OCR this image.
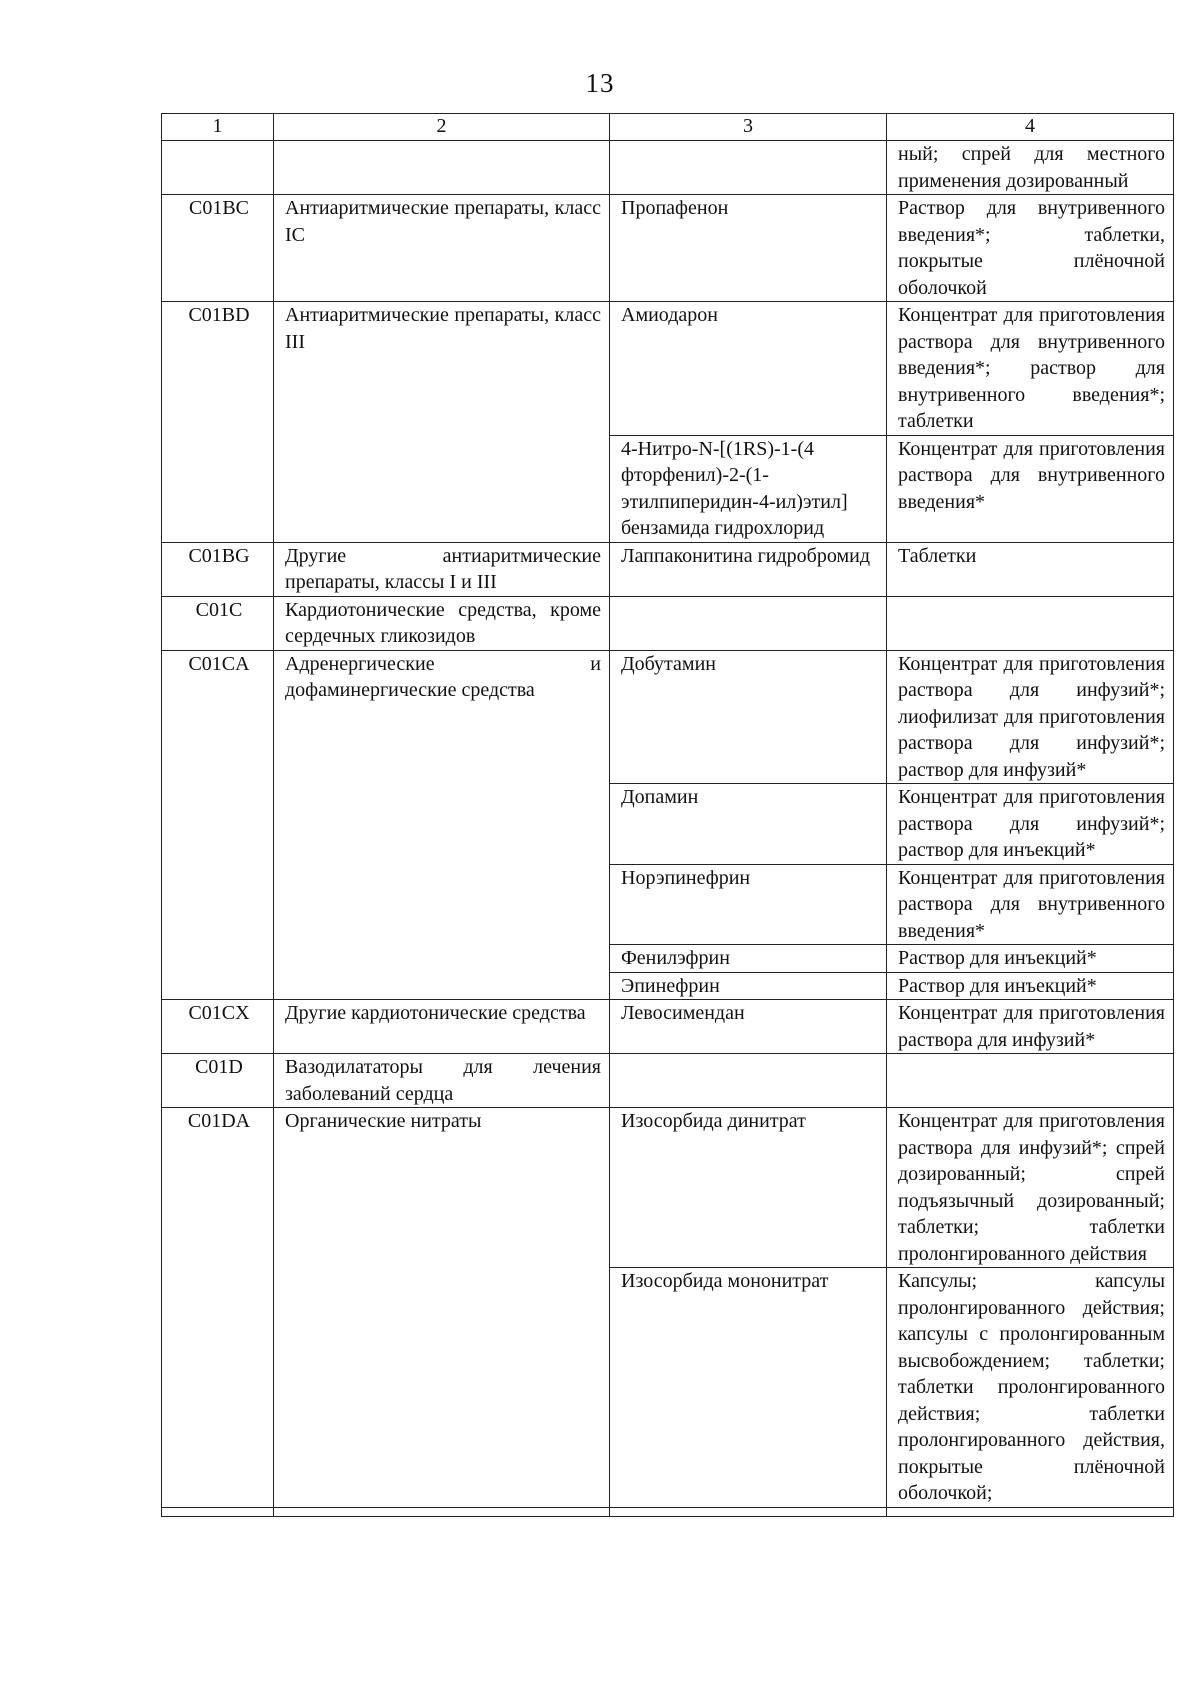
13
1	2	3	4
			ный; спрей для местного применения дозированный
C01BC	Антиаритмические препараты, класс IC	Пропафенон	Раствор для внутривенного введения*; таблетки, покрытые плёночной оболочкой
C01BD	Антиаритмические препараты, класс III	Амиодарон	Концентрат для приготовления раствора для внутривенного введения*; раствор для внутривенного введения*; таблетки
		4-Нитро-N-[(1RS)-1-(4 фторфенил)-2-(1-этилпиперидин-4-ил)этил] бензамида гидрохлорид	Концентрат для приготовления раствора для внутривенного введения*
C01BG	Другие антиаритмические препараты, классы I и III	Лаппаконитина гидробромид	Таблетки
C01C	Кардиотонические средства, кроме сердечных гликозидов		
C01CA	Адренергические и дофаминергические средства	Добутамин	Концентрат для приготовления раствора для инфузий*; лиофилизат для приготовления раствора для инфузий*; раствор для инфузий*
		Допамин	Концентрат для приготовления раствора для инфузий*; раствор для инъекций*
		Норэпинефрин	Концентрат для приготовления раствора для внутривенного введения*
		Фенилэфрин	Раствор для инъекций*
		Эпинефрин	Раствор для инъекций*
C01CX	Другие кардиотонические средства	Левосимендан	Концентрат для приготовления раствора для инфузий*
C01D	Вазодилататоры для лечения заболеваний сердца		
C01DA	Органические нитраты	Изосорбида динитрат	Концентрат для приготовления раствора для инфузий*; спрей дозированный; спрей подъязычный дозированный; таблетки; таблетки пролонгированного действия
		Изосорбида мононитрат	Капсулы; капсулы пролонгированного действия; капсулы с пролонгированным высвобождением; таблетки; таблетки пролонгированного действия; таблетки пролонгированного действия, покрытые плёночной оболочкой;
